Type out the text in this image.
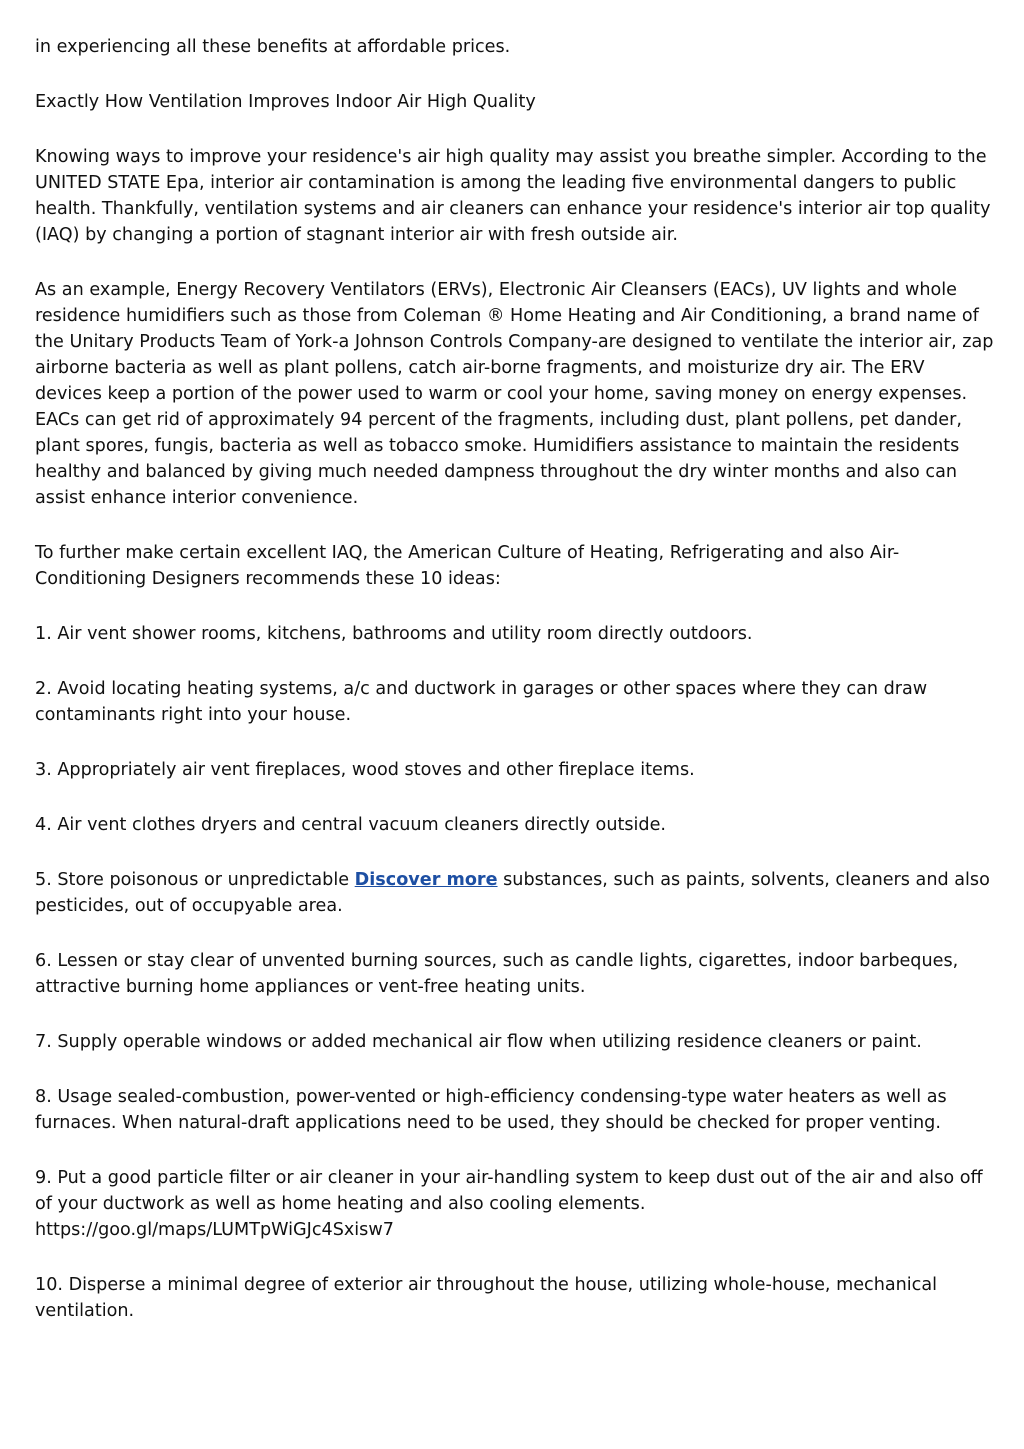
in experiencing all these benefits at affordable prices.

Exactly How Ventilation Improves Indoor Air High Quality

Knowing ways to improve your residence's air high quality may assist you breathe simpler. According to the UNITED STATE Epa, interior air contamination is among the leading five environmental dangers to public health. Thankfully, ventilation systems and air cleaners can enhance your residence's interior air top quality (IAQ) by changing a portion of stagnant interior air with fresh outside air.

As an example, Energy Recovery Ventilators (ERVs), Electronic Air Cleansers (EACs), UV lights and whole residence humidifiers such as those from Coleman ® Home Heating and Air Conditioning, a brand name of the Unitary Products Team of York-a Johnson Controls Company-are designed to ventilate the interior air, zap airborne bacteria as well as plant pollens, catch air-borne fragments, and moisturize dry air. The ERV devices keep a portion of the power used to warm or cool your home, saving money on energy expenses. EACs can get rid of approximately 94 percent of the fragments, including dust, plant pollens, pet dander, plant spores, fungis, bacteria as well as tobacco smoke. Humidifiers assistance to maintain the residents healthy and balanced by giving much needed dampness throughout the dry winter months and also can assist enhance interior convenience.

To further make certain excellent IAQ, the American Culture of Heating, Refrigerating and also Air-Conditioning Designers recommends these 10 ideas:

1. Air vent shower rooms, kitchens, bathrooms and utility room directly outdoors.

2. Avoid locating heating systems, a/c and ductwork in garages or other spaces where they can draw contaminants right into your house.

3. Appropriately air vent fireplaces, wood stoves and other fireplace items.

4. Air vent clothes dryers and central vacuum cleaners directly outside.

5. Store poisonous or unpredictable Discover more substances, such as paints, solvents, cleaners and also pesticides, out of occupyable area.

6. Lessen or stay clear of unvented burning sources, such as candle lights, cigarettes, indoor barbeques, attractive burning home appliances or vent-free heating units.

7. Supply operable windows or added mechanical air flow when utilizing residence cleaners or paint.

8. Usage sealed-combustion, power-vented or high-efficiency condensing-type water heaters as well as furnaces. When natural-draft applications need to be used, they should be checked for proper venting.

9. Put a good particle filter or air cleaner in your air-handling system to keep dust out of the air and also off of your ductwork as well as home heating and also cooling elements. https://goo.gl/maps/LUMTpWiGJc4Sxisw7

10. Disperse a minimal degree of exterior air throughout the house, utilizing whole-house, mechanical ventilation.
